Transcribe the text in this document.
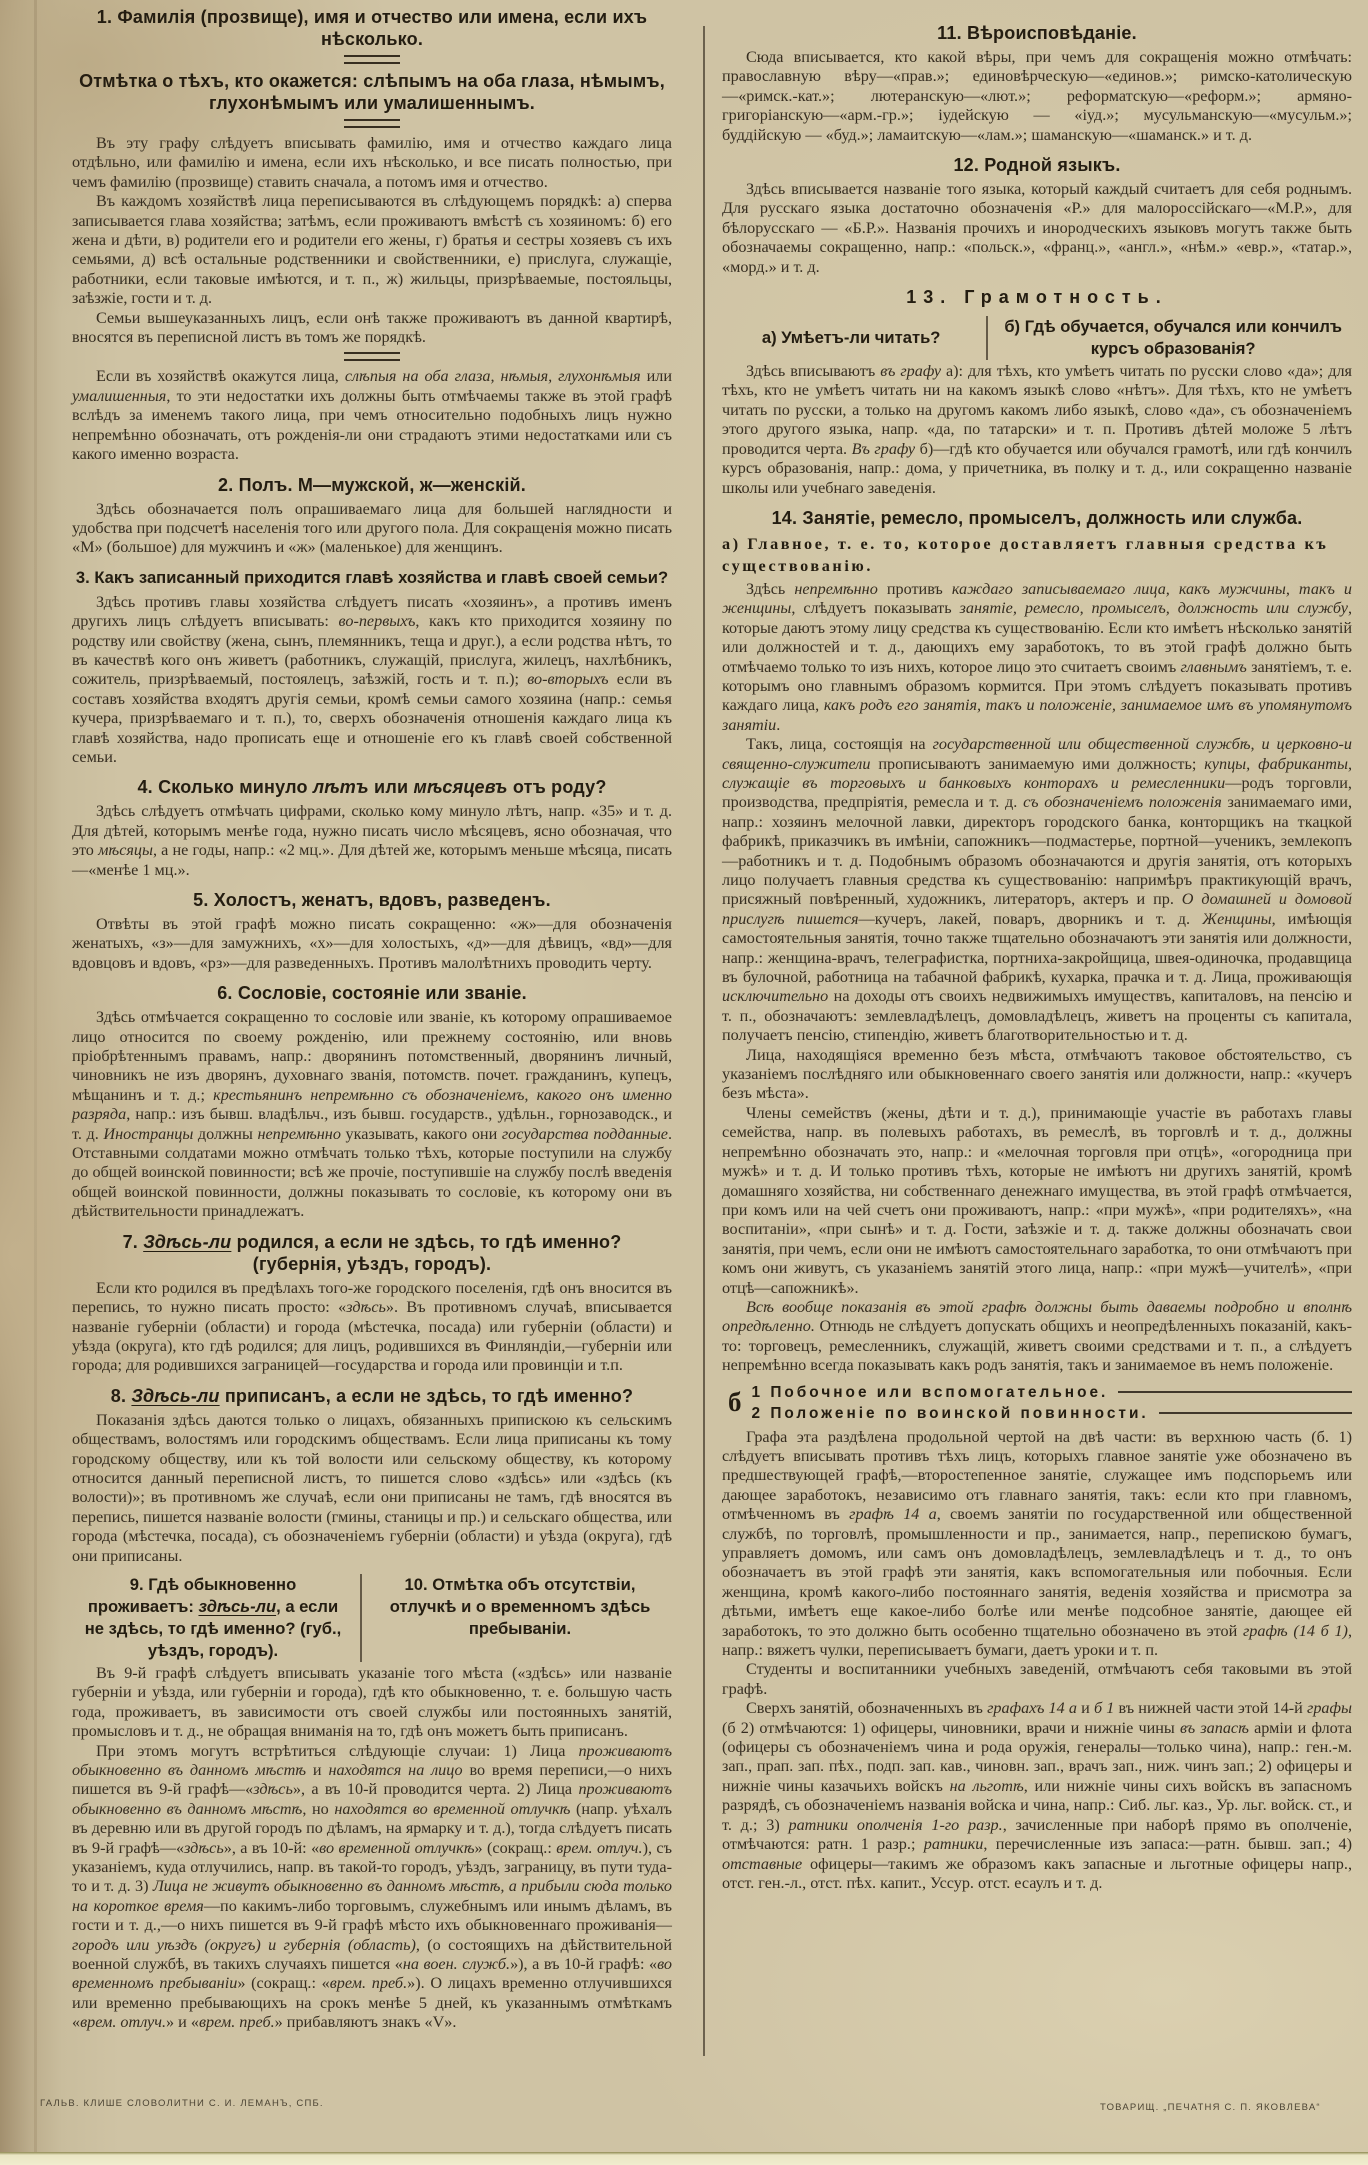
1. Фамилія (прозвище), имя и отчество или имена, если ихъ нѣсколько.
Отмѣтка о тѣхъ, кто окажется: слѣпымъ на оба глаза, нѣмымъ, глухонѣмымъ или умалишеннымъ.

Въ эту графу слѣдуетъ вписывать фамилію, имя и отчество каждаго лица отдѣльно, или фамилію и имена, если ихъ нѣсколько, и все писать полностью, при чемъ фамилію (прозвище) ставить сначала, а потомъ имя и отчество.

Въ каждомъ хозяйствѣ лица переписываются въ слѣдующемъ порядкѣ: а) сперва записывается глава хозяйства; затѣмъ, если проживаютъ вмѣстѣ съ хозяиномъ: б) его жена и дѣти, в) родители его и родители его жены, г) братья и сестры хозяевъ съ ихъ семьями, д) всѣ остальные родственники и свойственники, е) прислуга, служащіе, работники, если таковые имѣются, и т. п., ж) жильцы, призрѣваемые, постояльцы, заѣзжіе, гости и т. д.

Семьи вышеуказанныхъ лицъ, если онѣ также проживаютъ въ данной квартирѣ, вносятся въ переписной листъ въ томъ же порядкѣ.

Если въ хозяйствѣ окажутся лица, слѣпыя на оба глаза, нѣмыя, глухонѣмыя или умалишенныя, то эти недостатки ихъ должны быть отмѣчаемы также въ этой графѣ вслѣдъ за именемъ такого лица, при чемъ относительно подобныхъ лицъ нужно непремѣнно обозначать, отъ рожденія-ли они страдаютъ этими недостатками или съ какого именно возраста.

2. Полъ. М—мужской, ж—женскій.

Здѣсь обозначается полъ опрашиваемаго лица для большей наглядности и удобства при подсчетѣ населенія того или другого пола. Для сокращенія можно писать «М» (большое) для мужчинъ и «ж» (маленькое) для женщинъ.

3. Какъ записанный приходится главѣ хозяйства и главѣ своей семьи?

Здѣсь противъ главы хозяйства слѣдуетъ писать «хозяинъ», а противъ именъ другихъ лицъ слѣдуетъ вписывать: во-первыхъ, какъ кто приходится хозяину по родству или свойству (жена, сынъ, племянникъ, теща и друг.), а если родства нѣтъ, то въ качествѣ кого онъ живетъ (работникъ, служащій, прислуга, жилецъ, нахлѣбникъ, сожитель, призрѣваемый, постоялецъ, заѣзжій, гость и т. п.); во-вторыхъ если въ составъ хозяйства входятъ другія семьи, кромѣ семьи самого хозяина (напр.: семья кучера, призрѣваемаго и т. п.), то, сверхъ обозначенія отношенія каждаго лица къ главѣ хозяйства, надо прописать еще и отношеніе его къ главѣ своей собственной семьи.

4. Сколько минуло лѣтъ или мѣсяцевъ отъ роду?

Здѣсь слѣдуетъ отмѣчать цифрами, сколько кому минуло лѣтъ, напр. «35» и т. д. Для дѣтей, которымъ менѣе года, нужно писать число мѣсяцевъ, ясно обозначая, что это мѣсяцы, а не годы, напр.: «2 мц.». Для дѣтей же, которымъ меньше мѣсяца, писать—«менѣе 1 мц.».

5. Холостъ, женатъ, вдовъ, разведенъ.

Отвѣты въ этой графѣ можно писать сокращенно: «ж»—для обозначенія женатыхъ, «з»—для замужнихъ, «х»—для холостыхъ, «д»—для дѣвицъ, «вд»—для вдовцовъ и вдовъ, «рз»—для разведенныхъ. Противъ малолѣтнихъ проводить черту.

6. Сословіе, состояніе или званіе.

Здѣсь отмѣчается сокращенно то сословіе или званіе, къ которому опрашиваемое лицо относится по своему рожденію, или прежнему состоянію, или вновь пріобрѣтеннымъ правамъ, напр.: дворянинъ потомственный, дворянинъ личный, чиновникъ не изъ дворянъ, духовнаго званія, потомств. почет. гражданинъ, купецъ, мѣщанинъ и т. д.; крестьянинъ непремѣнно съ обозначеніемъ, какого онъ именно разряда, напр.: изъ бывш. владѣльч., изъ бывш. государств., удѣльн., горнозаводск., и т. д. Иностранцы должны непремѣнно указывать, какого они государства подданные. Отставными солдатами можно отмѣчать только тѣхъ, которые поступили на службу до общей воинской повинности; всѣ же прочіе, поступившіе на службу послѣ введенія общей воинской повинности, должны показывать то сословіе, къ которому они въ дѣйствительности принадлежатъ.

7. Здѣсь-ли родился, а если не здѣсь, то гдѣ именно? (губернія, уѣздъ, городъ).

Если кто родился въ предѣлахъ того-же городского поселенія, гдѣ онъ вносится въ перепись, то нужно писать просто: «здѣсь». Въ противномъ случаѣ, вписывается названіе губерніи (области) и города (мѣстечка, посада) или губерніи (области) и уѣзда (округа), кто гдѣ родился; для лицъ, родившихся въ Финляндіи,—губерніи или города; для родившихся заграницей—государства и города или провинціи и т.п.

8. Здѣсь-ли приписанъ, а если не здѣсь, то гдѣ именно?

Показанія здѣсь даются только о лицахъ, обязанныхъ припискою къ сельскимъ обществамъ, волостямъ или городскимъ обществамъ. Если лица приписаны къ тому городскому обществу, или къ той волости или сельскому обществу, къ которому относится данный переписной листъ, то пишется слово «здѣсь» или «здѣсь (къ волости)»; въ противномъ же случаѣ, если они приписаны не тамъ, гдѣ вносятся въ перепись, пишется названіе волости (гмины, станицы и пр.) и сельскаго общества, или города (мѣстечка, посада), съ обозначеніемъ губерніи (области) и уѣзда (округа), гдѣ они приписаны.

9. Гдѣ обыкновенно проживаетъ: здѣсь-ли, а если не здѣсь, то гдѣ именно? (губ., уѣздъ, городъ).
10. Отмѣтка объ отсутствіи, отлучкѣ и о временномъ здѣсь пребываніи.

Въ 9-й графѣ слѣдуетъ вписывать указаніе того мѣста («здѣсь» или названіе губерніи и уѣзда, или губерніи и города), гдѣ кто обыкновенно, т. е. большую часть года, проживаетъ, въ зависимости отъ своей службы или постоянныхъ занятій, промысловъ и т. д., не обращая вниманія на то, гдѣ онъ можетъ быть приписанъ.

При этомъ могутъ встрѣтиться слѣдующіе случаи: 1) Лица проживаютъ обыкновенно въ данномъ мѣстѣ и находятся на лицо во время переписи,—о нихъ пишется въ 9-й графѣ—«здѣсь», а въ 10-й проводится черта. 2) Лица проживаютъ обыкновенно въ данномъ мѣстѣ, но находятся во временной отлучкѣ (напр. уѣхалъ въ деревню или въ другой городъ по дѣламъ, на ярмарку и т. д.), тогда слѣдуетъ писать въ 9-й графѣ—«здѣсь», а въ 10-й: «во временной отлучкѣ» (сокращ.: врем. отлуч.), съ указаніемъ, куда отлучились, напр. въ такой-то городъ, уѣздъ, заграницу, въ пути туда-то и т. д. 3) Лица не живутъ обыкновенно въ данномъ мѣстѣ, а прибыли сюда только на короткое время—по какимъ-либо торговымъ, служебнымъ или инымъ дѣламъ, въ гости и т. д.,—о нихъ пишется въ 9-й графѣ мѣсто ихъ обыкновеннаго проживанія—городъ или уѣздъ (округъ) и губернія (область), (о состоящихъ на дѣйствительной военной службѣ, въ такихъ случаяхъ пишется «на воен. служб.»), а въ 10-й графѣ: «во временномъ пребываніи» (сокращ.: «врем. преб.»). О лицахъ временно отлучившихся или временно пребывающихъ на срокъ менѣе 5 дней, къ указаннымъ отмѣткамъ «врем. отлуч.» и «врем. преб.» прибавляютъ знакъ «V».

11. Вѣроисповѣданіе.

Сюда вписывается, кто какой вѣры, при чемъ для сокращенія можно отмѣчать: православную вѣру—«прав.»; единовѣрческую—«единов.»; римско-католическую—«римск.-кат.»; лютеранскую—«лют.»; реформатскую—«реформ.»; армяно-григоріанскую—«арм.-гр.»; іудейскую — «іуд.»; мусульманскую—«мусульм.»; буддійскую — «буд.»; ламаитскую—«лам.»; шаманскую—«шаманск.» и т. д.

12. Родной языкъ.

Здѣсь вписывается названіе того языка, который каждый считаетъ для себя роднымъ. Для русскаго языка достаточно обозначенія «Р.» для малороссійскаго—«М.Р.», для бѣлорусскаго — «Б.Р.». Названія прочихъ и инородческихъ языковъ могутъ также быть обозначаемы сокращенно, напр.: «польск.», «франц.», «англ.», «нѣм.» «евр.», «татар.», «морд.» и т. д.

13. Грамотность.
а) Умѣетъ-ли читать?
б) Гдѣ обучается, обучался или кончилъ курсъ образованія?

Здѣсь вписываютъ въ графу а): для тѣхъ, кто умѣетъ читать по русски слово «да»; для тѣхъ, кто не умѣетъ читать ни на какомъ языкѣ слово «нѣтъ». Для тѣхъ, кто не умѣетъ читать по русски, а только на другомъ какомъ либо языкѣ, слово «да», съ обозначеніемъ этого другого языка, напр. «да, по татарски» и т. п. Противъ дѣтей моложе 5 лѣтъ проводится черта. Въ графу б)—гдѣ кто обучается или обучался грамотѣ, или гдѣ кончилъ курсъ образованія, напр.: дома, у причетника, въ полку и т. д., или сокращенно названіе школы или учебнаго заведенія.

14. Занятіе, ремесло, промыселъ, должность или служба.
а) Главное, т. е. то, которое доставляетъ главныя средства къ существованію.

Здѣсь непремѣнно противъ каждаго записываемаго лица, какъ мужчины, такъ и женщины, слѣдуетъ показывать занятіе, ремесло, промыселъ, должность или службу, которые даютъ этому лицу средства къ существованію. Если кто имѣетъ нѣсколько занятій или должностей и т. д., дающихъ ему заработокъ, то въ этой графѣ должно быть отмѣчаемо только то изъ нихъ, которое лицо это считаетъ своимъ главнымъ занятіемъ, т. е. которымъ оно главнымъ образомъ кормится. При этомъ слѣдуетъ показывать противъ каждаго лица, какъ родъ его занятія, такъ и положеніе, занимаемое имъ въ упомянутомъ занятіи.

Такъ, лица, состоящія на государственной или общественной службѣ, и церковно-и священно-служители прописываютъ занимаемую ими должность; купцы, фабриканты, служащіе въ торговыхъ и банковыхъ конторахъ и ремесленники—родъ торговли, производства, предпріятія, ремесла и т. д. съ обозначеніемъ положенія занимаемаго ими, напр.: хозяинъ мелочной лавки, директоръ городского банка, конторщикъ на ткацкой фабрикѣ, приказчикъ въ имѣніи, сапожникъ—подмастерье, портной—ученикъ, землекопъ—работникъ и т. д. Подобнымъ образомъ обозначаются и другія занятія, отъ которыхъ лицо получаетъ главныя средства къ существованію: напримѣръ практикующій врачъ, присяжный повѣренный, художникъ, литераторъ, актеръ и пр. О домашней и домовой прислугѣ пишется—кучеръ, лакей, поваръ, дворникъ и т. д. Женщины, имѣющія самостоятельныя занятія, точно также тщательно обозначаютъ эти занятія или должности, напр.: женщина-врачъ, телеграфистка, портниха-закройщица, швея-одиночка, продавщица въ булочной, работница на табачной фабрикѣ, кухарка, прачка и т. д. Лица, проживающія исключительно на доходы отъ своихъ недвижимыхъ имуществъ, капиталовъ, на пенсію и т. п., обозначаютъ: землевладѣлецъ, домовладѣлецъ, живетъ на проценты съ капитала, получаетъ пенсію, стипендію, живетъ благотворительностью и т. д.

Лица, находящіяся временно безъ мѣста, отмѣчаютъ таковое обстоятельство, съ указаніемъ послѣдняго или обыкновеннаго своего занятія или должности, напр.: «кучеръ безъ мѣста».

Члены семействъ (жены, дѣти и т. д.), принимающіе участіе въ работахъ главы семейства, напр. въ полевыхъ работахъ, въ ремеслѣ, въ торговлѣ и т. д., должны непремѣнно обозначать это, напр.: и «мелочная торговля при отцѣ», «огородница при мужѣ» и т. д. И только противъ тѣхъ, которые не имѣютъ ни другихъ занятій, кромѣ домашняго хозяйства, ни собственнаго денежнаго имущества, въ этой графѣ отмѣчается, при комъ или на чей счетъ они проживаютъ, напр.: «при мужѣ», «при родителяхъ», «на воспитаніи», «при сынѣ» и т. д. Гости, заѣзжіе и т. д. также должны обозначать свои занятія, при чемъ, если они не имѣютъ самостоятельнаго заработка, то они отмѣчаютъ при комъ они живутъ, съ указаніемъ занятій этого лица, напр.: «при мужѣ—учителѣ», «при отцѣ—сапожникѣ».

Всѣ вообще показанія въ этой графѣ должны быть даваемы подробно и вполнѣ опредѣленно. Отнюдь не слѣдуетъ допускать общихъ и неопредѣленныхъ показаній, какъ-то: торговецъ, ремесленникъ, служащій, живетъ своими средствами и т. п., а слѣдуетъ непремѣнно всегда показывать какъ родъ занятія, такъ и занимаемое въ немъ положеніе.

б 1 Побочное или вспомогательное.
2 Положеніе по воинской повинности.

Графа эта раздѣлена продольной чертой на двѣ части: въ верхнюю часть (б. 1) слѣдуетъ вписывать противъ тѣхъ лицъ, которыхъ главное занятіе уже обозначено въ предшествующей графѣ,—второстепенное занятіе, служащее имъ подспорьемъ или дающее заработокъ, независимо отъ главнаго занятія, такъ: если кто при главномъ, отмѣченномъ въ графѣ 14 а, своемъ занятіи по государственной или общественной службѣ, по торговлѣ, промышленности и пр., занимается, напр., перепискою бумагъ, управляетъ домомъ, или самъ онъ домовладѣлецъ, землевладѣлецъ и т. д., то онъ обозначаетъ въ этой графѣ эти занятія, какъ вспомогательныя или побочныя. Если женщина, кромѣ какого-либо постояннаго занятія, веденія хозяйства и присмотра за дѣтьми, имѣетъ еще какое-либо болѣе или менѣе подсобное занятіе, дающее ей заработокъ, то это должно быть особенно тщательно обозначено въ этой графѣ (14 б 1), напр.: вяжетъ чулки, переписываетъ бумаги, даетъ уроки и т. п.

Студенты и воспитанники учебныхъ заведеній, отмѣчаютъ себя таковыми въ этой графѣ.

Сверхъ занятій, обозначенныхъ въ графахъ 14 а и б 1 въ нижней части этой 14-й графы (б 2) отмѣчаются: 1) офицеры, чиновники, врачи и нижніе чины въ запасѣ арміи и флота (офицеры съ обозначеніемъ чина и рода оружія, генералы—только чина), напр.: ген.-м. зап., прап. зап. пѣх., подп. зап. кав., чиновн. зап., врачъ зап., ниж. чинъ зап.; 2) офицеры и нижніе чины казачьихъ войскъ на льготѣ, или нижніе чины сихъ войскъ въ запасномъ разрядѣ, съ обозначеніемъ названія войска и чина, напр.: Сиб. льг. каз., Ур. льг. войск. ст., и т. д.; 3) ратники ополченія 1-го разр., зачисленные при наборѣ прямо въ ополченіе, отмѣчаются: ратн. 1 разр.; ратники, перечисленные изъ запаса:—ратн. бывш. зап.; 4) отставные офицеры—такимъ же образомъ какъ запасные и льготные офицеры напр., отст. ген.-л., отст. пѣх. капит., Уссур. отст. есаулъ и т. д.

ГАЛЬВ. КЛИШЕ СЛОВОЛИТНИ С. И. ЛЕМАНЪ, СПБ.	ТОВАРИЩ. „ПЕЧАТНЯ С. П. ЯКОВЛЕВА“
